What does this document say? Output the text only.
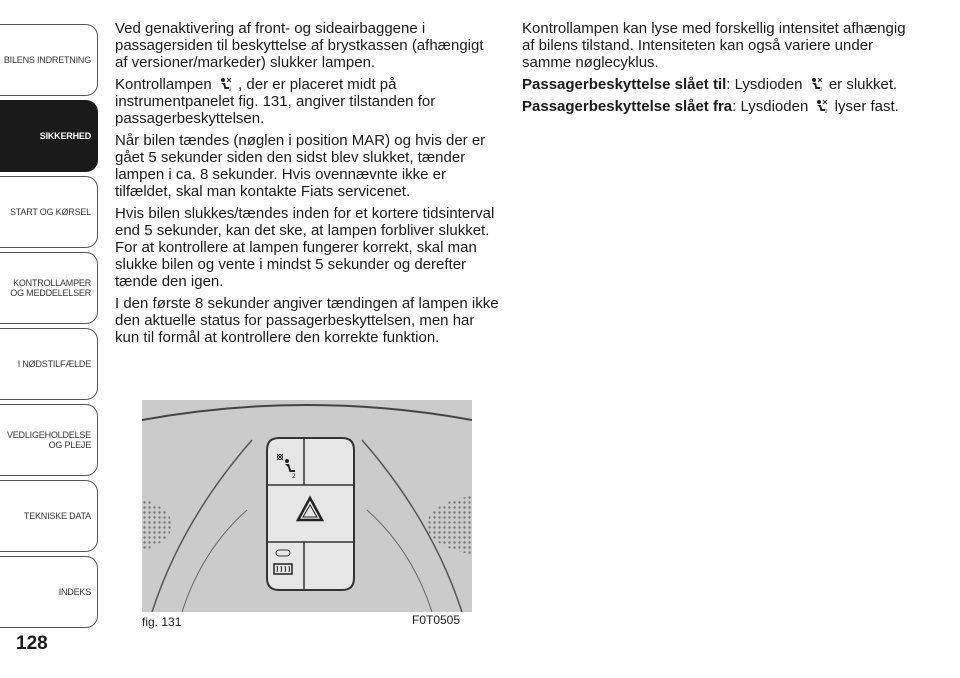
BILENS INDRETNING
SIKKERHED
START OG KØRSEL
KONTROLLAMPER
OG MEDDELELSER
I NØDSTILFÆLDE
VEDLIGEHOLDELSE
OG PLEJE
TEKNISKE DATA
INDEKS
128

Ved genaktivering af front- og sideairbaggene i passagersiden til beskyttelse af brystkassen (afhængigt af versioner/markeder) slukker lampen.

Kontrollampen	2 , der er placeret midt på instrumentpanelet fig. 131, angiver tilstanden for passagerbeskyttelsen.

Når bilen tændes (nøglen i position MAR) og hvis der er gået 5 sekunder siden den sidst blev slukket, tænder lampen i ca. 8 sekunder. Hvis ovennævnte ikke er tilfældet, skal man kontakte Fiats servicenet.

Hvis bilen slukkes/tændes inden for et kortere tidsinterval end 5 sekunder, kan det ske, at lampen forbliver slukket. For at kontrollere at lampen fungerer korrekt, skal man slukke bilen og vente i mindst 5 sekunder og derefter tænde den igen.

I den første 8 sekunder angiver tændingen af lampen ikke den aktuelle status for passagerbeskyttelsen, men har kun til formål at kontrollere den korrekte funktion.

Kontrollampen kan lyse med forskellig intensitet afhængig af bilens tilstand. Intensiteten kan også variere under samme nøglecyklus.

Passagerbeskyttelse slået til: Lysdioden	2 er slukket.

Passagerbeskyttelse slået fra: Lysdioden	2 lyser fast.

2
fig. 131	F0T0505
